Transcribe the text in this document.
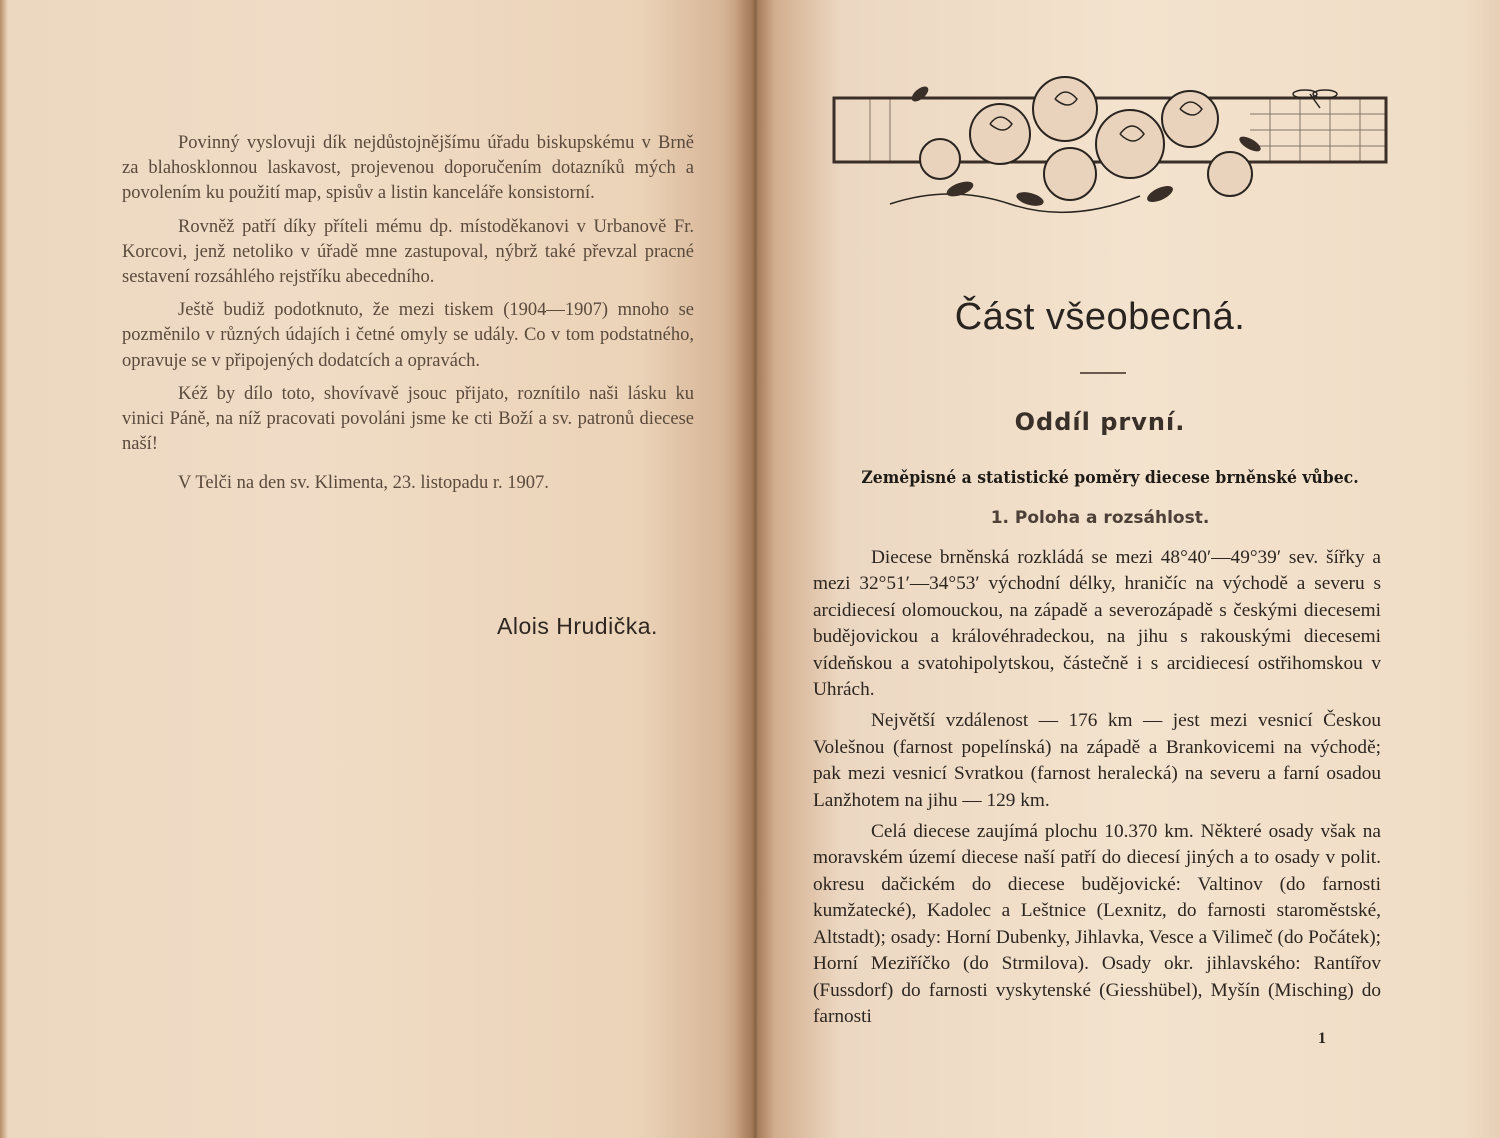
Povinný vyslovuji dík nejdůstojnějšímu úřadu biskupskému v Brně za blahosklonnou laskavost, projevenou doporučením dotazníků mých a povolením ku použití map, spisův a listin kanceláře konsistorní.

Rovněž patří díky příteli mému dp. místoděkanovi v Urbanově Fr. Korcovi, jenž netoliko v úřadě mne zastupoval, nýbrž také převzal pracné sestavení rozsáhlého rejstříku abecedního.

Ještě budiž podotknuto, že mezi tiskem (1904—1907) mnoho se pozměnilo v různých údajích i četné omyly se udály. Co v tom podstatného, opravuje se v připojených dodatcích a opravách.

Kéž by dílo toto, shovívavě jsouc přijato, roznítilo naši lásku ku vinici Páně, na níž pracovati povoláni jsme ke cti Boží a sv. patronů diecese naší!

V Telči na den sv. Klimenta, 23. listopadu r. 1907.

Alois Hrudička.
Část všeobecná.
Oddíl první.
Zeměpisné a statistické poměry diecese brněnské vůbec.
1. Poloha a rozsáhlost.

Diecese brněnská rozkládá se mezi 48°40′—49°39′ sev. šířky a mezi 32°51′—34°53′ východní délky, hraničíc na východě a severu s arcidiecesí olomouckou, na západě a severozápadě s českými diecesemi budějovickou a královéhradeckou, na jihu s rakouskými diecesemi vídeňskou a svatohipolytskou, částečně i s arcidiecesí ostřihomskou v Uhrách.

Největší vzdálenost — 176 km — jest mezi vesnicí Českou Volešnou (farnost popelínská) na západě a Brankovicemi na východě; pak mezi vesnicí Svratkou (farnost heralecká) na severu a farní osadou Lanžhotem na jihu — 129 km.

Celá diecese zaujímá plochu 10.370 km. Některé osady však na moravském území diecese naší patří do diecesí jiných a to osady v polit. okresu dačickém do diecese budějovické: Valtinov (do farnosti kumžatecké), Kadolec a Leštnice (Lexnitz, do farnosti staroměstské, Altstadt); osady: Horní Dubenky, Jihlavka, Vesce a Vilimeč (do Počátek); Horní Meziříčko (do Strmilova). Osady okr. jihlavského: Rantířov (Fussdorf) do farnosti vyskytenské (Giesshübel), Myšín (Misching) do farnosti

1
